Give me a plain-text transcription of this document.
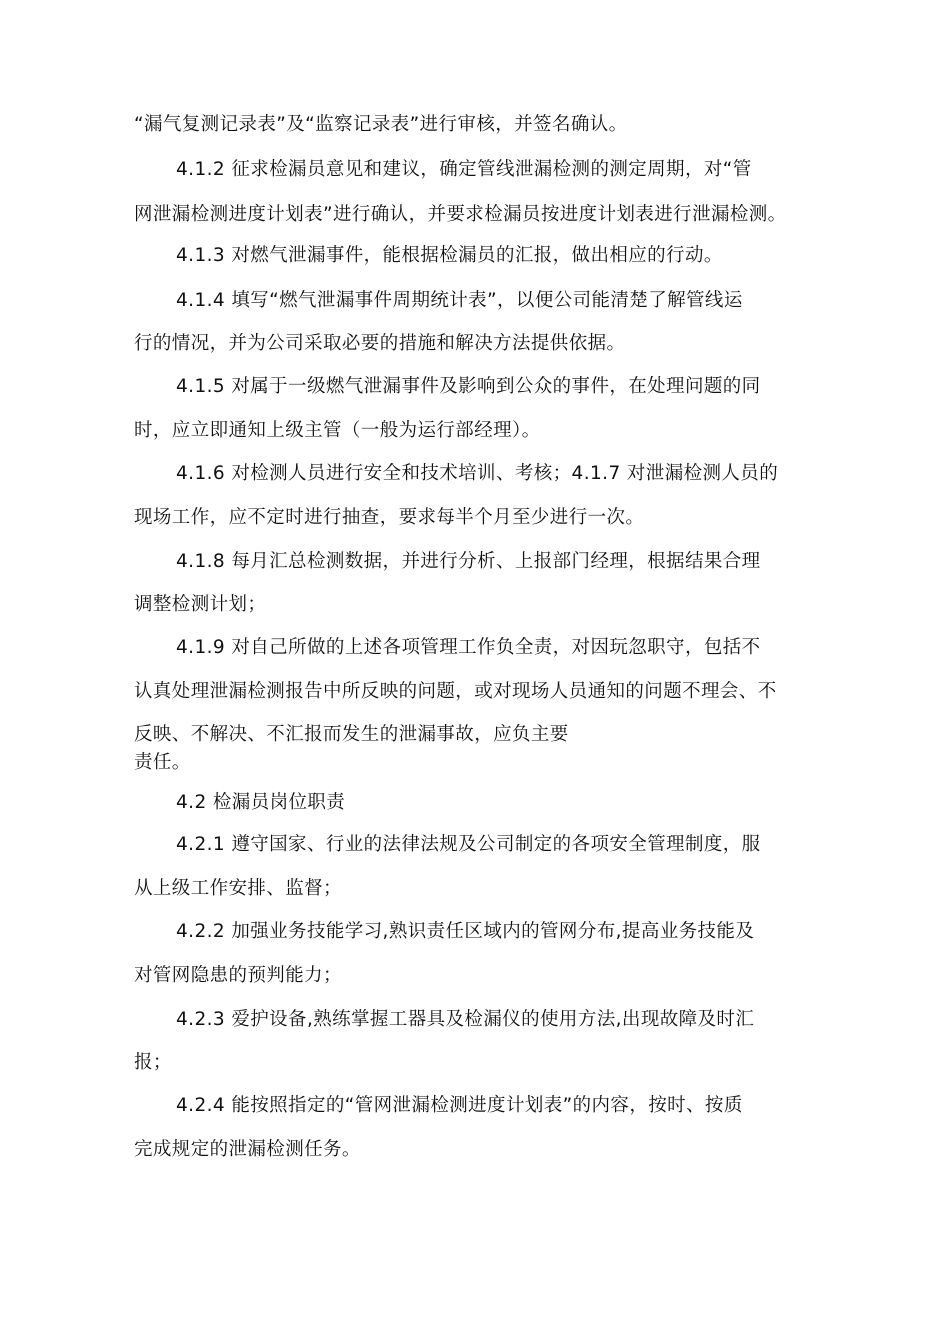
“漏气复测记录表”及“监察记录表”进行审核，并签名确认。
4.1.2 征求检漏员意见和建议，确定管线泄漏检测的测定周期，对“管
网泄漏检测进度计划表”进行确认，并要求检漏员按进度计划表进行泄漏检测。
4.1.3 对燃气泄漏事件，能根据检漏员的汇报，做出相应的行动。
4.1.4 填写“燃气泄漏事件周期统计表”，以便公司能清楚了解管线运
行的情况，并为公司采取必要的措施和解决方法提供依据。
4.1.5 对属于一级燃气泄漏事件及影响到公众的事件，在处理问题的同
时，应立即通知上级主管（一般为运行部经理）。
4.1.6 对检测人员进行安全和技术培训、考核；4.1.7 对泄漏检测人员的
现场工作，应不定时进行抽查，要求每半个月至少进行一次。
4.1.8 每月汇总检测数据，并进行分析、上报部门经理，根据结果合理
调整检测计划；
4.1.9 对自己所做的上述各项管理工作负全责，对因玩忽职守，包括不
认真处理泄漏检测报告中所反映的问题，或对现场人员通知的问题不理会、不
反映、不解决、不汇报而发生的泄漏事故，应负主要
责任。
4.2 检漏员岗位职责
4.2.1 遵守国家、行业的法律法规及公司制定的各项安全管理制度，服
从上级工作安排、监督；
4.2.2 加强业务技能学习,熟识责任区域内的管网分布,提高业务技能及
对管网隐患的预判能力；
4.2.3 爱护设备,熟练掌握工器具及检漏仪的使用方法,出现故障及时汇
报；
4.2.4 能按照指定的“管网泄漏检测进度计划表”的内容，按时、按质
完成规定的泄漏检测任务。
